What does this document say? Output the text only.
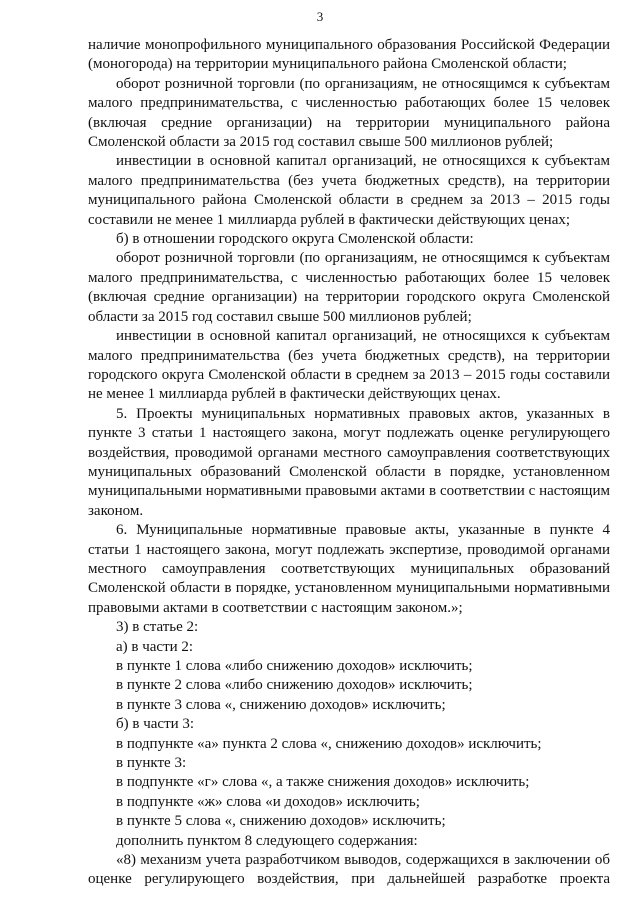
3

наличие монопрофильного муниципального образования Российской Федерации (моногорода) на территории муниципального района Смоленской области;

оборот розничной торговли (по организациям, не относящимся к субъектам малого предпринимательства, с численностью работающих более 15 человек (включая средние организации) на территории муниципального района Смоленской области за 2015 год составил свыше 500 миллионов рублей;

инвестиции в основной капитал организаций, не относящихся к субъектам малого предпринимательства (без учета бюджетных средств), на территории муниципального района Смоленской области в среднем за 2013 – 2015 годы составили не менее 1 миллиарда рублей в фактически действующих ценах;

б) в отношении городского округа Смоленской области:

оборот розничной торговли (по организациям, не относящимся к субъектам малого предпринимательства, с численностью работающих более 15 человек (включая средние организации) на территории городского округа Смоленской области за 2015 год составил свыше 500 миллионов рублей;

инвестиции в основной капитал организаций, не относящихся к субъектам малого предпринимательства (без учета бюджетных средств), на территории городского округа Смоленской области в среднем за 2013 – 2015 годы составили не менее 1 миллиарда рублей в фактически действующих ценах.

5. Проекты муниципальных нормативных правовых актов, указанных в пункте 3 статьи 1 настоящего закона, могут подлежать оценке регулирующего воздействия, проводимой органами местного самоуправления соответствующих муниципальных образований Смоленской области в порядке, установленном муниципальными нормативными правовыми актами в соответствии с настоящим законом.

6. Муниципальные нормативные правовые акты, указанные в пункте 4 статьи 1 настоящего закона, могут подлежать экспертизе, проводимой органами местного самоуправления соответствующих муниципальных образований Смоленской области в порядке, установленном муниципальными нормативными правовыми актами в соответствии с настоящим законом.»;

3) в статье 2:

а) в части 2:

в пункте 1 слова «либо снижению доходов» исключить;

в пункте 2 слова «либо снижению доходов» исключить;

в пункте 3 слова «, снижению доходов» исключить;

б) в части 3:

в подпункте «а» пункта 2 слова «, снижению доходов» исключить;

в пункте 3:

в подпункте «г» слова «, а также снижения доходов» исключить;

в подпункте «ж» слова «и доходов» исключить;

в пункте 5 слова «, снижению доходов» исключить;

дополнить пунктом 8 следующего содержания:

«8) механизм учета разработчиком выводов, содержащихся в заключении об оценке регулирующего воздействия, при дальнейшей разработке проекта
